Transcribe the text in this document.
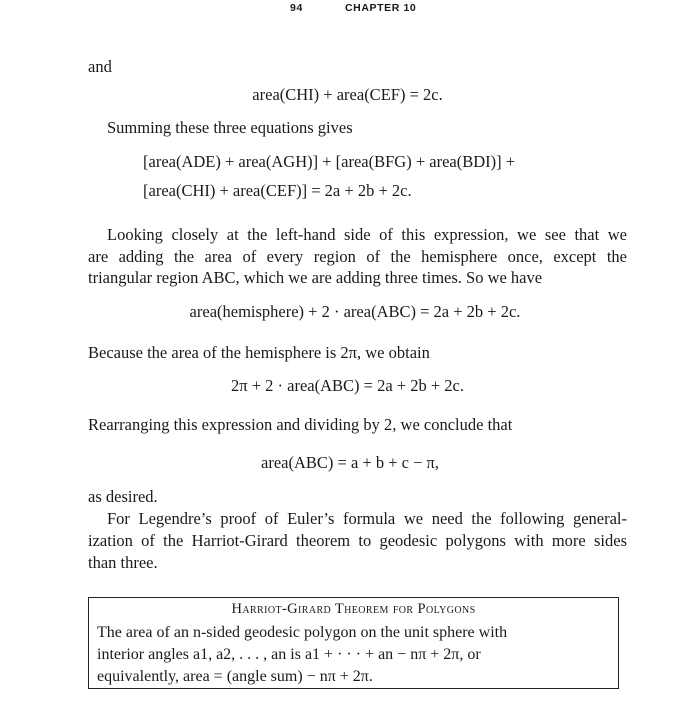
94	CHAPTER 10
and
area(CHI) + area(CEF) = 2c.
Summing these three equations gives
[area(ADE) + area(AGH)] + [area(BFG) + area(BDI)] +
[area(CHI) + area(CEF)] = 2a + 2b + 2c.
Looking closely at the left-hand side of this expression, we see that we
are adding the area of every region of the hemisphere once, except the
triangular region ABC, which we are adding three times. So we have
area(hemisphere) + 2 · area(ABC) = 2a + 2b + 2c.
Because the area of the hemisphere is 2π, we obtain
2π + 2 · area(ABC) = 2a + 2b + 2c.
Rearranging this expression and dividing by 2, we conclude that
area(ABC) = a + b + c − π,
as desired.
For Legendre’s proof of Euler’s formula we need the following general-
ization of the Harriot-Girard theorem to geodesic polygons with more sides
than three.
Harriot-Girard Theorem for Polygons
The area of an n-sided geodesic polygon on the unit sphere with
interior angles a1, a2, . . . , an is a1 + · · · + an − nπ + 2π, or
equivalently, area = (angle sum) − nπ + 2π.
